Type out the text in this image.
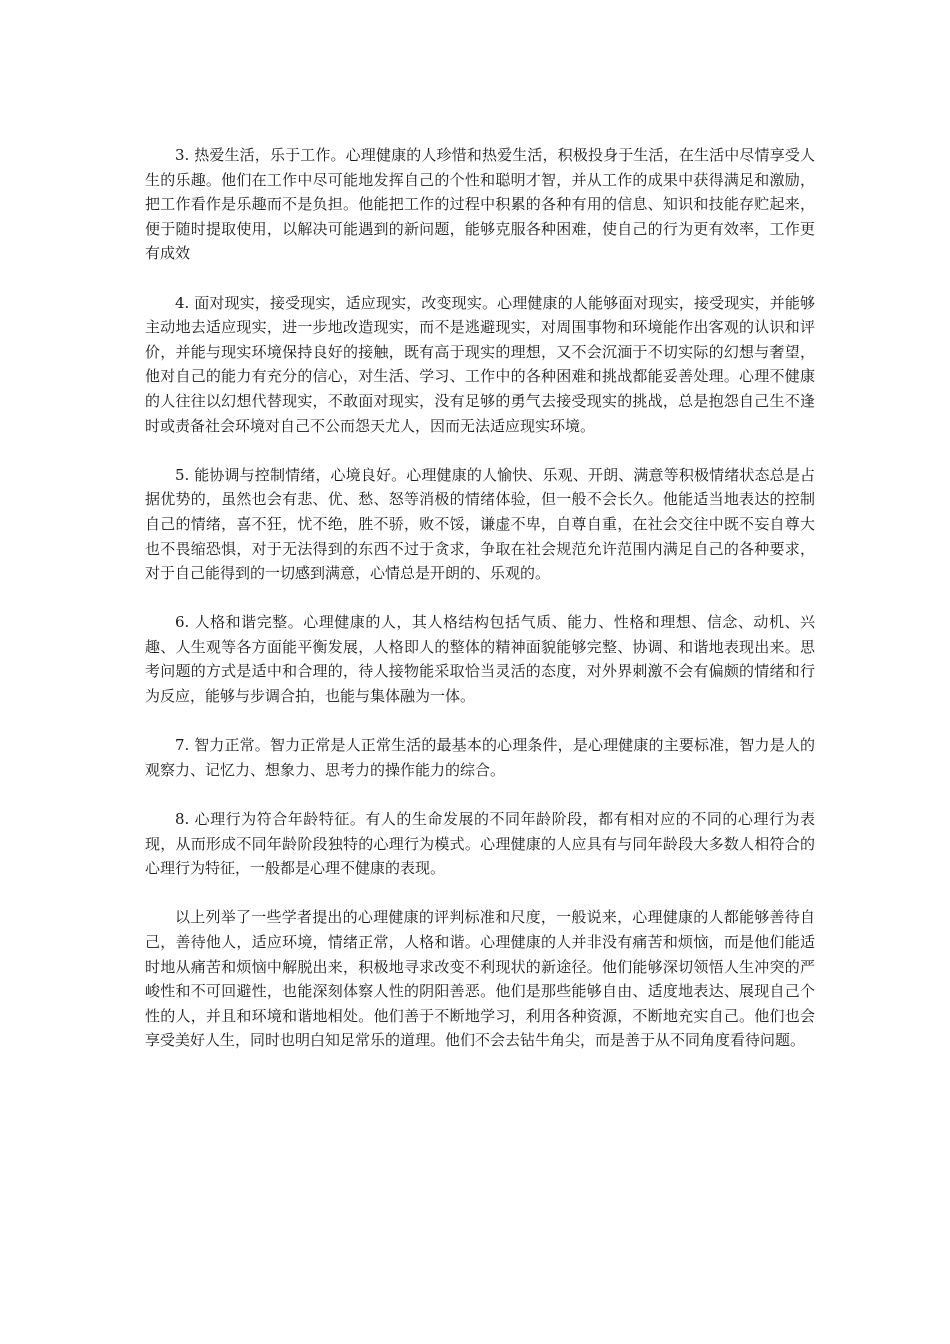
3. 热爱生活，乐于工作。心理健康的人珍惜和热爱生活，积极投身于生活，在生活中尽情享受人生的乐趣。他们在工作中尽可能地发挥自己的个性和聪明才智，并从工作的成果中获得满足和激励，把工作看作是乐趣而不是负担。他能把工作的过程中积累的各种有用的信息、知识和技能存贮起来，便于随时提取使用，以解决可能遇到的新问题，能够克服各种困难，使自己的行为更有效率，工作更有成效

4. 面对现实，接受现实，适应现实，改变现实。心理健康的人能够面对现实，接受现实，并能够主动地去适应现实，进一步地改造现实，而不是逃避现实，对周围事物和环境能作出客观的认识和评价，并能与现实环境保持良好的接触，既有高于现实的理想，又不会沉湎于不切实际的幻想与奢望，他对自己的能力有充分的信心，对生活、学习、工作中的各种困难和挑战都能妥善处理。心理不健康的人往往以幻想代替现实，不敢面对现实，没有足够的勇气去接受现实的挑战，总是抱怨自己生不逢时或责备社会环境对自己不公而怨天尤人，因而无法适应现实环境。

5. 能协调与控制情绪，心境良好。心理健康的人愉快、乐观、开朗、满意等积极情绪状态总是占据优势的，虽然也会有悲、优、愁、怒等消极的情绪体验，但一般不会长久。他能适当地表达的控制自己的情绪，喜不狂，忧不绝，胜不骄，败不馁，谦虚不卑，自尊自重，在社会交往中既不妄自尊大也不畏缩恐惧，对于无法得到的东西不过于贪求，争取在社会规范允许范围内满足自己的各种要求，对于自己能得到的一切感到满意，心情总是开朗的、乐观的。

6. 人格和谐完整。心理健康的人，其人格结构包括气质、能力、性格和理想、信念、动机、兴趣、人生观等各方面能平衡发展，人格即人的整体的精神面貌能够完整、协调、和谐地表现出来。思考问题的方式是适中和合理的，待人接物能采取恰当灵活的态度，对外界刺激不会有偏颇的情绪和行为反应，能够与步调合拍，也能与集体融为一体。

7. 智力正常。智力正常是人正常生活的最基本的心理条件，是心理健康的主要标准，智力是人的观察力、记忆力、想象力、思考力的操作能力的综合。

8. 心理行为符合年龄特征。有人的生命发展的不同年龄阶段，都有相对应的不同的心理行为表现，从而形成不同年龄阶段独特的心理行为模式。心理健康的人应具有与同年龄段大多数人相符合的心理行为特征，一般都是心理不健康的表现。

以上列举了一些学者提出的心理健康的评判标准和尺度，一般说来，心理健康的人都能够善待自己，善待他人，适应环境，情绪正常，人格和谐。心理健康的人并非没有痛苦和烦恼，而是他们能适时地从痛苦和烦恼中解脱出来，积极地寻求改变不利现状的新途径。他们能够深切领悟人生冲突的严峻性和不可回避性，也能深刻体察人性的阴阳善恶。他们是那些能够自由、适度地表达、展现自己个性的人，并且和环境和谐地相处。他们善于不断地学习，利用各种资源，不断地充实自己。他们也会享受美好人生，同时也明白知足常乐的道理。他们不会去钻牛角尖，而是善于从不同角度看待问题。
